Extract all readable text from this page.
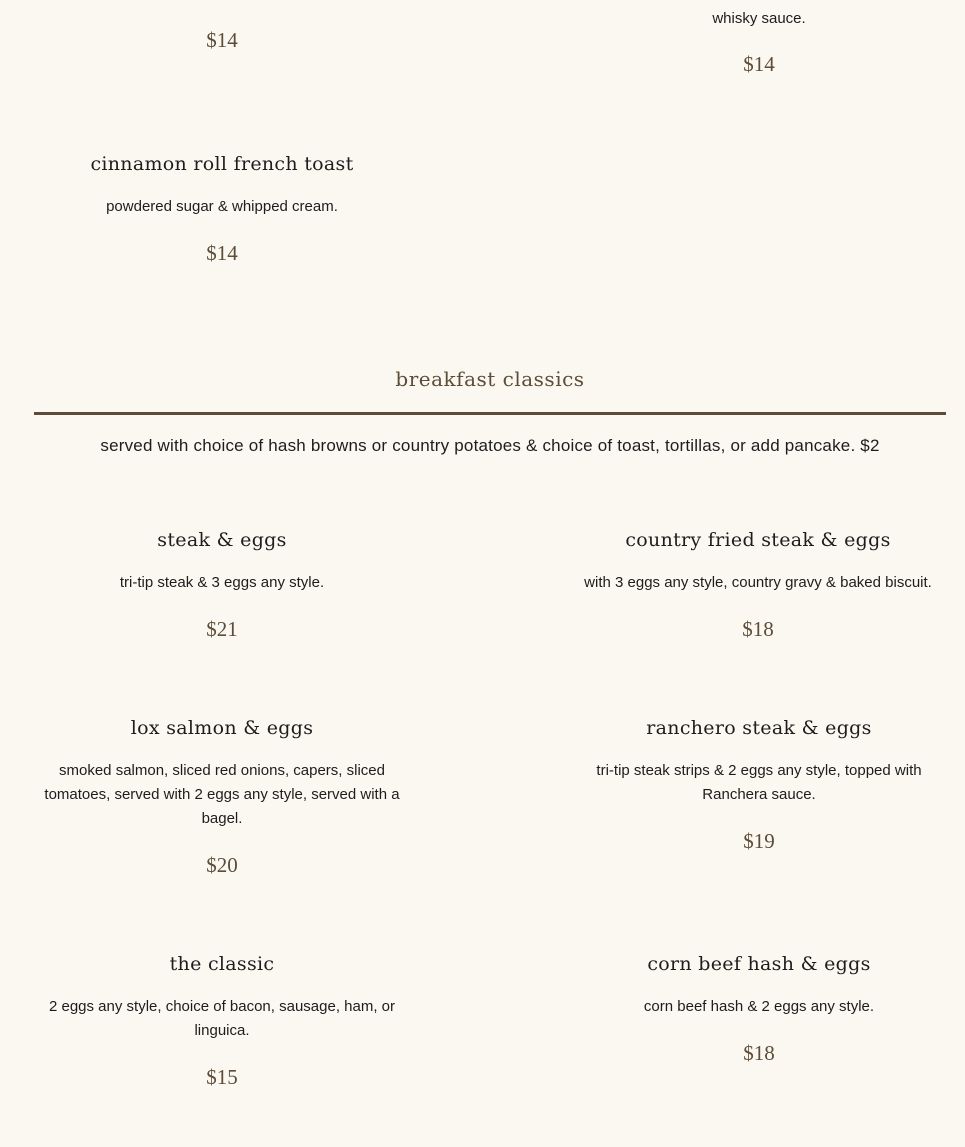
$14

whisky sauce.

$14

cinnamon roll french toast

powdered sugar & whipped cream.

$14

breakfast classics
served with choice of hash browns or country potatoes & choice of toast, tortillas, or add pancake. $2

steak & eggs

tri-tip steak & 3 eggs any style.

$21

country fried steak & eggs

with 3 eggs any style, country gravy & baked biscuit.

$18

lox salmon & eggs

smoked salmon, sliced red onions, capers, sliced tomatoes, served with 2 eggs any style, served with a bagel.

$20

ranchero steak & eggs

tri-tip steak strips & 2 eggs any style, topped with Ranchera sauce.

$19

the classic

2 eggs any style, choice of bacon, sausage, ham, or linguica.

$15

corn beef hash & eggs

corn beef hash & 2 eggs any style.

$18
